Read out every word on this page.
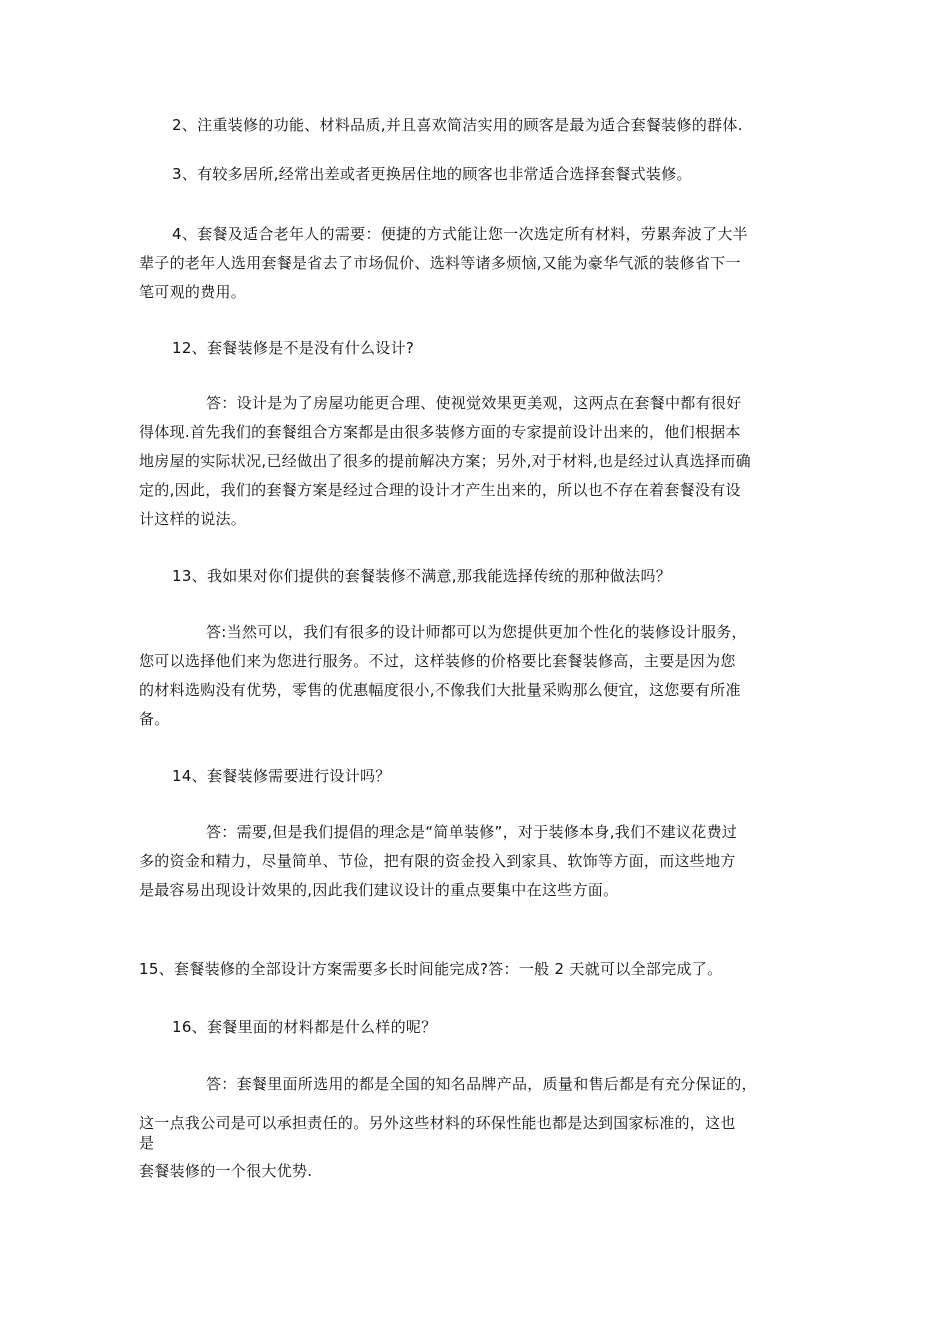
2、注重装修的功能、材料品质,并且喜欢简洁实用的顾客是最为适合套餐装修的群体.
3、有较多居所,经常出差或者更换居住地的顾客也非常适合选择套餐式装修。
4、套餐及适合老年人的需要：便捷的方式能让您一次选定所有材料，劳累奔波了大半
辈子的老年人选用套餐是省去了市场侃价、选料等诸多烦恼,又能为豪华气派的装修省下一
笔可观的费用。
12、套餐装修是不是没有什么设计?
答：设计是为了房屋功能更合理、使视觉效果更美观，这两点在套餐中都有很好
得体现.首先我们的套餐组合方案都是由很多装修方面的专家提前设计出来的，他们根据本
地房屋的实际状况,已经做出了很多的提前解决方案；另外,对于材料,也是经过认真选择而确
定的,因此，我们的套餐方案是经过合理的设计才产生出来的，所以也不存在着套餐没有设
计这样的说法。
13、我如果对你们提供的套餐装修不满意,那我能选择传统的那种做法吗？
答:当然可以，我们有很多的设计师都可以为您提供更加个性化的装修设计服务，
您可以选择他们来为您进行服务。不过，这样装修的价格要比套餐装修高，主要是因为您
的材料选购没有优势，零售的优惠幅度很小,不像我们大批量采购那么便宜，这您要有所准
备。
14、套餐装修需要进行设计吗？
答：需要,但是我们提倡的理念是“简单装修”，对于装修本身,我们不建议花费过
多的资金和精力，尽量简单、节俭，把有限的资金投入到家具、软饰等方面，而这些地方
是最容易出现设计效果的,因此我们建议设计的重点要集中在这些方面。
15、套餐装修的全部设计方案需要多长时间能完成?答：一般 2 天就可以全部完成了。
16、套餐里面的材料都是什么样的呢？
答：套餐里面所选用的都是全国的知名品牌产品，质量和售后都是有充分保证的，
这一点我公司是可以承担责任的。另外这些材料的环保性能也都是达到国家标准的，这也
是
套餐装修的一个很大优势.
